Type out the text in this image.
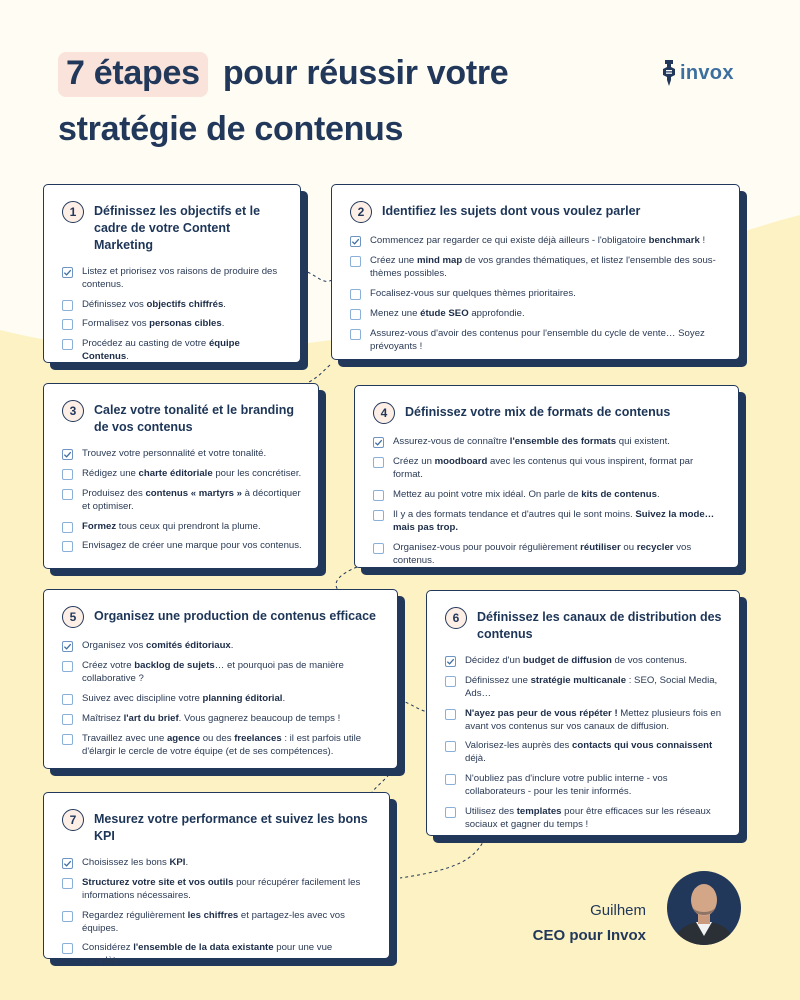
7 étapes pour réussir votre
stratégie de contenus
invox
1	Définissez les objectifs et le cadre de votre Content Marketing
Listez et priorisez vos raisons de produire des contenus.
Définissez vos objectifs chiffrés.
Formalisez vos personas cibles.
Procédez au casting de votre équipe Contenus.
2	Identifiez les sujets dont vous voulez parler
Commencez par regarder ce qui existe déjà ailleurs - l'obligatoire benchmark !
Créez une mind map de vos grandes thématiques, et listez l'ensemble des sous-thèmes possibles.
Focalisez-vous sur quelques thèmes prioritaires.
Menez une étude SEO approfondie.
Assurez-vous d'avoir des contenus pour l'ensemble du cycle de vente… Soyez prévoyants !
3	Calez votre tonalité et le branding de vos contenus
Trouvez votre personnalité et votre tonalité.
Rédigez une charte éditoriale pour les concrétiser.
Produisez des contenus « martyrs » à décortiquer et optimiser.
Formez tous ceux qui prendront la plume.
Envisagez de créer une marque pour vos contenus.
4	Définissez votre mix de formats de contenus
Assurez-vous de connaître l'ensemble des formats qui existent.
Créez un moodboard avec les contenus qui vous inspirent, format par format.
Mettez au point votre mix idéal. On parle de kits de contenus.
Il y a des formats tendance et d'autres qui le sont moins. Suivez la mode… mais pas trop.
Organisez-vous pour pouvoir régulièrement réutiliser ou recycler vos contenus.
5	Organisez une production de contenus efficace
Organisez vos comités éditoriaux.
Créez votre backlog de sujets… et pourquoi pas de manière collaborative ?
Suivez avec discipline votre planning éditorial.
Maîtrisez l'art du brief. Vous gagnerez beaucoup de temps !
Travaillez avec une agence ou des freelances : il est parfois utile d'élargir le cercle de votre équipe (et de ses compétences).
6	Définissez les canaux de distribution des contenus
Décidez d'un budget de diffusion de vos contenus.
Définissez une stratégie multicanale : SEO, Social Media, Ads…
N'ayez pas peur de vous répéter ! Mettez plusieurs fois en avant vos contenus sur vos canaux de diffusion.
Valorisez-les auprès des contacts qui vous connaissent déjà.
N'oubliez pas d'inclure votre public interne - vos collaborateurs - pour les tenir informés.
Utilisez des templates pour être efficaces sur les réseaux sociaux et gagner du temps !
7	Mesurez votre performance et suivez les bons KPI
Choisissez les bons KPI.
Structurez votre site et vos outils pour récupérer facilement les informations nécessaires.
Regardez régulièrement les chiffres et partagez-les avec vos équipes.
Considérez l'ensemble de la data existante pour une vue complète.
Guilhem
CEO pour Invox
